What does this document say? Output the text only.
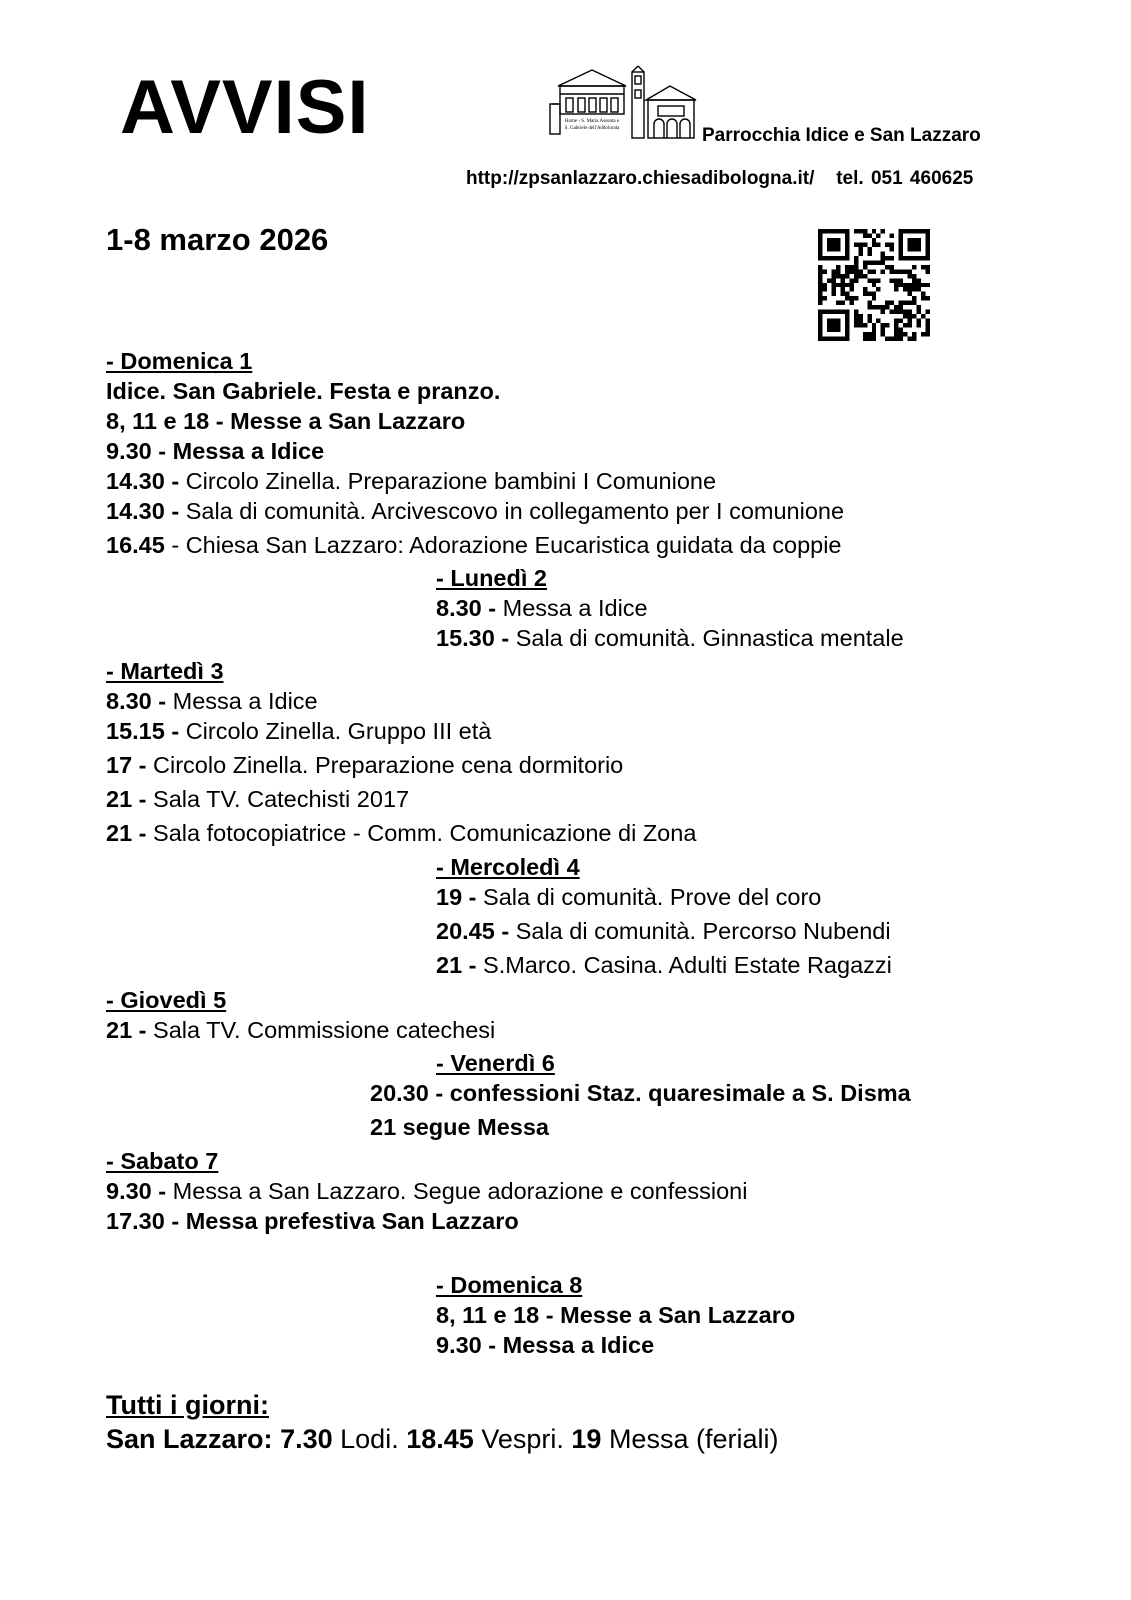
AVVISI	Home - S. Maria Assunta e
S. Gabriele dell'Addolorata	Parrocchia Idice e San Lazzaro
http://zpsanlazzaro.chiesadibologna.it/ tel. 051 460625
1-8 marzo 2026
- Domenica 1
Idice. San Gabriele. Festa e pranzo.
8, 11 e 18 - Messe a San Lazzaro
9.30 - Messa a Idice
14.30 - Circolo Zinella. Preparazione bambini I Comunione
14.30 - Sala di comunità. Arcivescovo in collegamento per I comunione
16.45 - Chiesa San Lazzaro: Adorazione Eucaristica guidata da coppie
- Lunedì 2
8.30 - Messa a Idice
15.30 - Sala di comunità. Ginnastica mentale
- Martedì 3
8.30 - Messa a Idice
15.15 - Circolo Zinella. Gruppo III età
17 - Circolo Zinella. Preparazione cena dormitorio
21 - Sala TV. Catechisti 2017
21 - Sala fotocopiatrice - Comm. Comunicazione di Zona
- Mercoledì 4
19 - Sala di comunità. Prove del coro
20.45 - Sala di comunità. Percorso Nubendi
21 - S.Marco. Casina. Adulti Estate Ragazzi
- Giovedì 5
21 - Sala TV. Commissione catechesi
- Venerdì 6
20.30 - confessioni Staz. quaresimale a S. Disma
21 segue Messa
- Sabato 7
9.30 - Messa a San Lazzaro. Segue adorazione e confessioni
17.30 - Messa prefestiva San Lazzaro
- Domenica 8
8, 11 e 18 - Messe a San Lazzaro
9.30 - Messa a Idice
Tutti i giorni:
San Lazzaro: 7.30 Lodi. 18.45 Vespri. 19 Messa (feriali)
